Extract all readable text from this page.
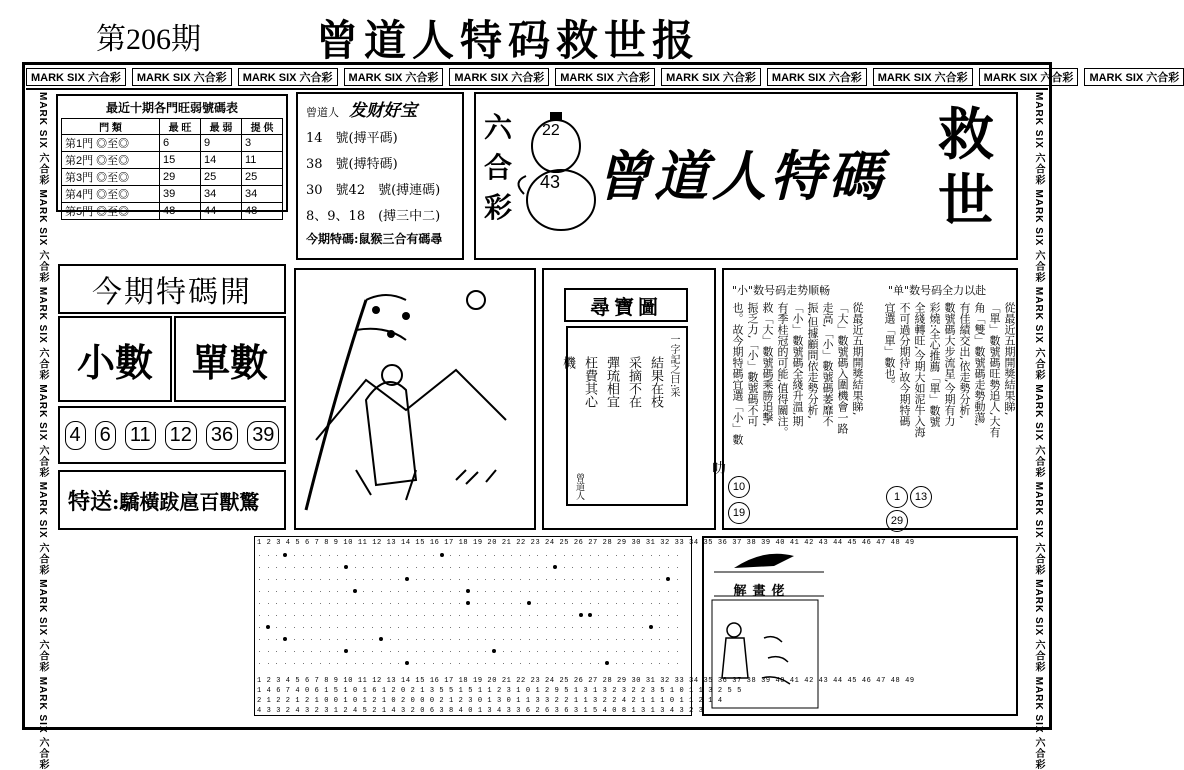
第206期	曾道人特码救世报
MARK SIX 六合彩	MARK SIX 六合彩	MARK SIX 六合彩	MARK SIX 六合彩	MARK SIX 六合彩	MARK SIX 六合彩	MARK SIX 六合彩	MARK SIX 六合彩	MARK SIX 六合彩	MARK SIX 六合彩	MARK SIX 六合彩
MARK SIX 六合彩 MARK SIX 六合彩 MARK SIX 六合彩 MARK SIX 六合彩 MARK SIX 六合彩 MARK SIX 六合彩 MARK SIX 六合彩	MARK SIX 六合彩 MARK SIX 六合彩 MARK SIX 六合彩 MARK SIX 六合彩 MARK SIX 六合彩 MARK SIX 六合彩 MARK SIX 六合彩
最近十期各門旺弱號碼表
門 類	最 旺	最 弱	提 供
第1門 ◎至◎	6	9	3
第2門 ◎至◎	15	14	11
第3門 ◎至◎	29	25	25
第4門 ◎至◎	39	34	34
第5門 ◎至◎	48	44	48
曾道人 发财好宝
14　號(搏平碼)
38　號(搏特碼)
30　號42　號(搏連碼)
8、9、18　(搏三中二)
今期特碼:鼠猴三合有碼尋
六
合
彩
22
43 曾道人特碼
救世
今期特碼開
小數	單數
4 6 11 12 36 39
特送 :驕橫跋扈百獸驚
尋寶圖
一字記之曰:采
結果在枝
采摘不在
彈琉相宜
枉費其心
機
曾道人
"小"数号码走势顺畅	"单"数号码全力以赴
從最近五期開獎結果睇,
「大」數號碼入圍機會一路
走高,「小」數號碼萎靡不
振,但據顧問依走勢分析,
「小」數號碼全綫升溫,期
有季桂冠的可能,值得關注。
救「大」數號碼乘勝追擊,
振乏力,「小」數號碼不可
也。故今期特碼宜選「小」數	從最近五期開獎結果睇,
「單」數號碼旺勢追人,大有
角「雙」數號碼走勢動蕩,
有佳績交出,依走勢分析,
數號碼大步流星,今期有力
彩燒:全心推薦「單」數號
全綫轉旺,今期大如泥牛入海
不可過分期待,故今期特碼
宜選「單」數也。
10
19
1	13
29
叻
1 2 3 4 5 6 7 8 9 10 11 12 13 14 15 16 17 18 19 20 21 22 23 24 25 26 27 28 29 30 31 32 33 34 35 36 37 38 39 40 41 42 43 44 45 46 47 48 49
1 2 3 4 5 6 7 8 9 10 11 12 13 14 15 16 17 18 19 20 21 22 23 24 25 26 27 28 29 30 31 32 33 34 35 36 37 38 39 40 41 42 43 44 45 46 47 48 49
1 4 6 7 4 0 6 1 5 1 0 1 6 1 2 0 2 1 3 5 5 1 5 1 1 2 3 1 0 1 2 9 5 1 3 1 3 2 3 2 2 3 5 1 0 1 1 3 2 5 5
2 1 2 2 1 2 1 0 0 1 0 1 2 1 0 2 0 0 0 2 1 2 3 0 1 3 0 1 1 3 3 2 2 1 1 3 2 2 4 2 1 1 1 0 1 1 2 1 4
4 3 3 2 4 3 2 3 1 2 4 5 2 1 4 3 2 0 6 3 8 4 0 1 3 4 3 3 6 2 6 3 6 3 1 5 4 0 8 1 3 1 3 4 3 2 3
解畫佬
